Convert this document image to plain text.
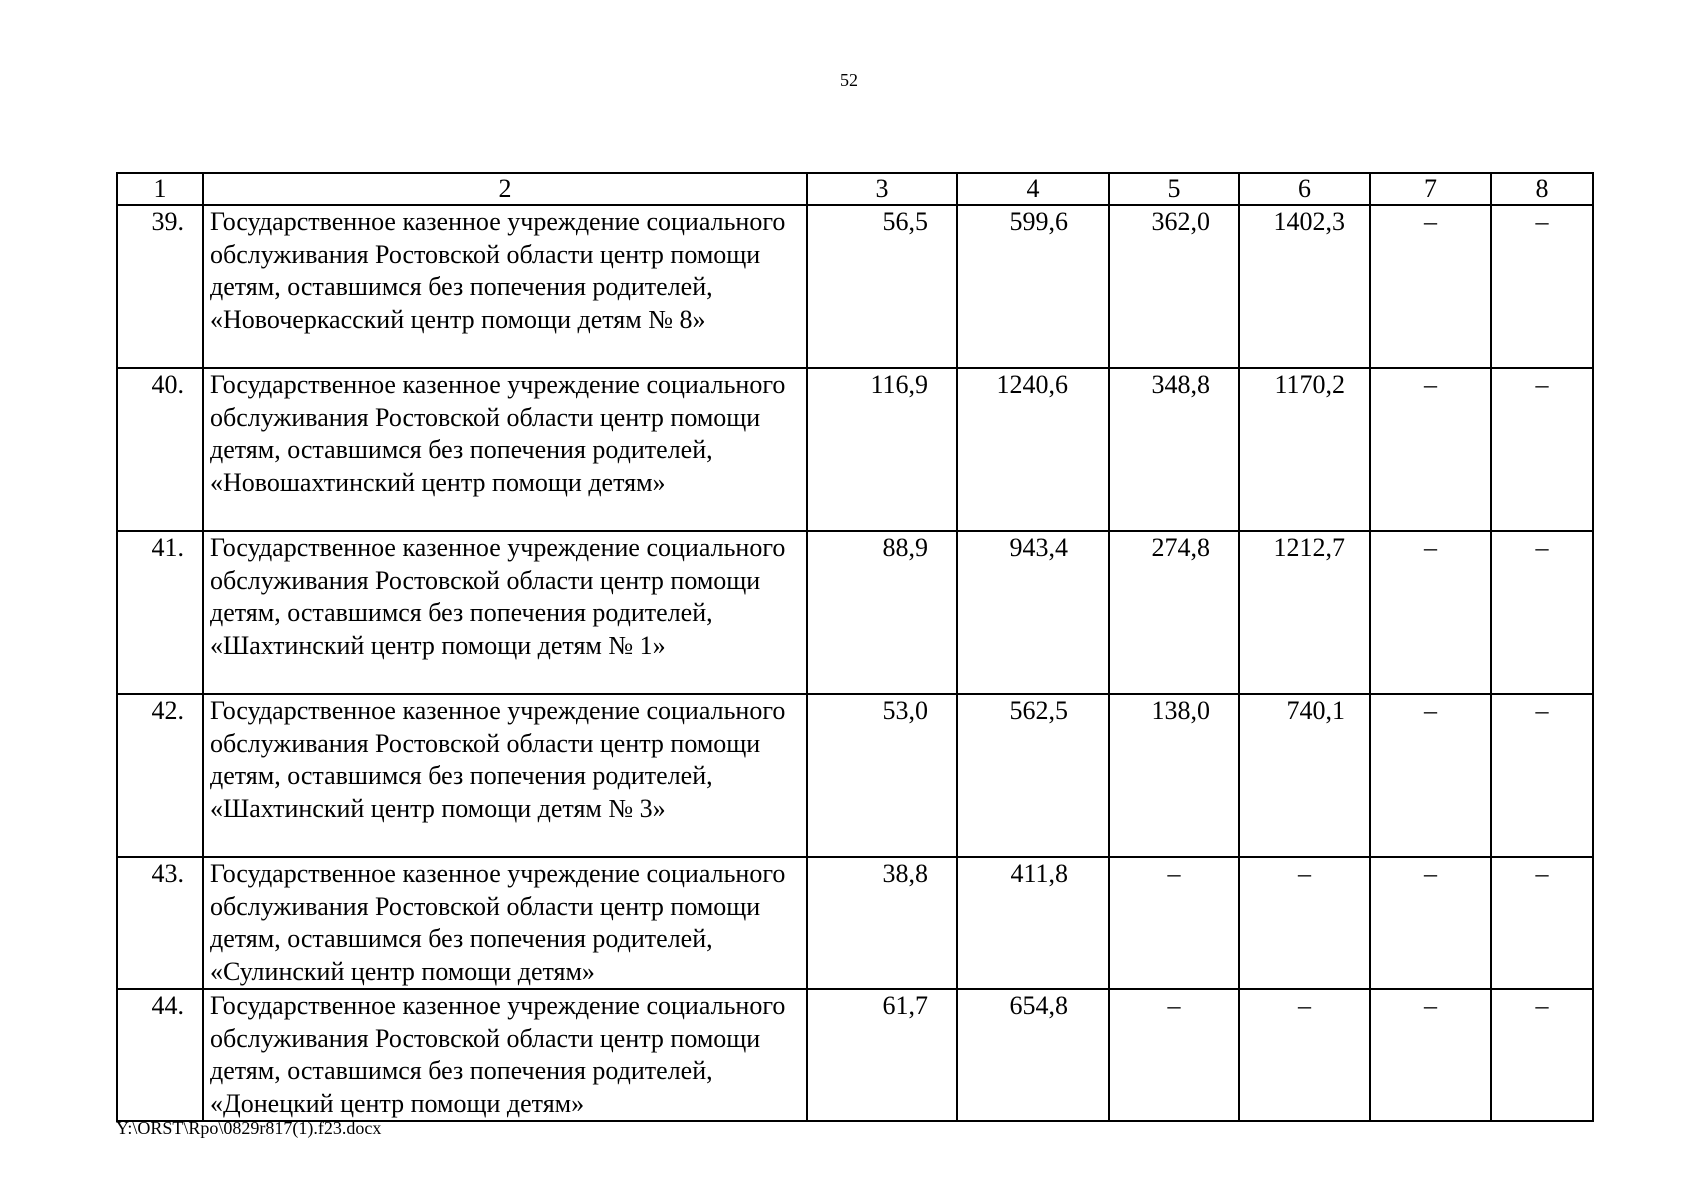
52
1	2	3	4	5	6	7	8
39.	Государственное казенное учреждение социального обслуживания Ростовской области центр помощи детям, оставшимся без попечения родителей, «Новочеркасский центр помощи детям № 8»	56,5	599,6	362,0	1402,3	–	–
40.	Государственное казенное учреждение социального обслуживания Ростовской области центр помощи детям, оставшимся без попечения родителей, «Новошахтинский центр помощи детям»	116,9	1240,6	348,8	1170,2	–	–
41.	Государственное казенное учреждение социального обслуживания Ростовской области центр помощи детям, оставшимся без попечения родителей, «Шахтинский центр помощи детям № 1»	88,9	943,4	274,8	1212,7	–	–
42.	Государственное казенное учреждение социального обслуживания Ростовской области центр помощи детям, оставшимся без попечения родителей, «Шахтинский центр помощи детям № 3»	53,0	562,5	138,0	740,1	–	–
43.	Государственное казенное учреждение социального обслуживания Ростовской области центр помощи детям, оставшимся без попечения родителей, «Сулинский центр помощи детям»	38,8	411,8	–	–	–	–
44.	Государственное казенное учреждение социального обслуживания Ростовской области центр помощи детям, оставшимся без попечения родителей, «Донецкий центр помощи детям»	61,7	654,8	–	–	–	–
Y:\ORST\Rpo\0829r817(1).f23.docx
